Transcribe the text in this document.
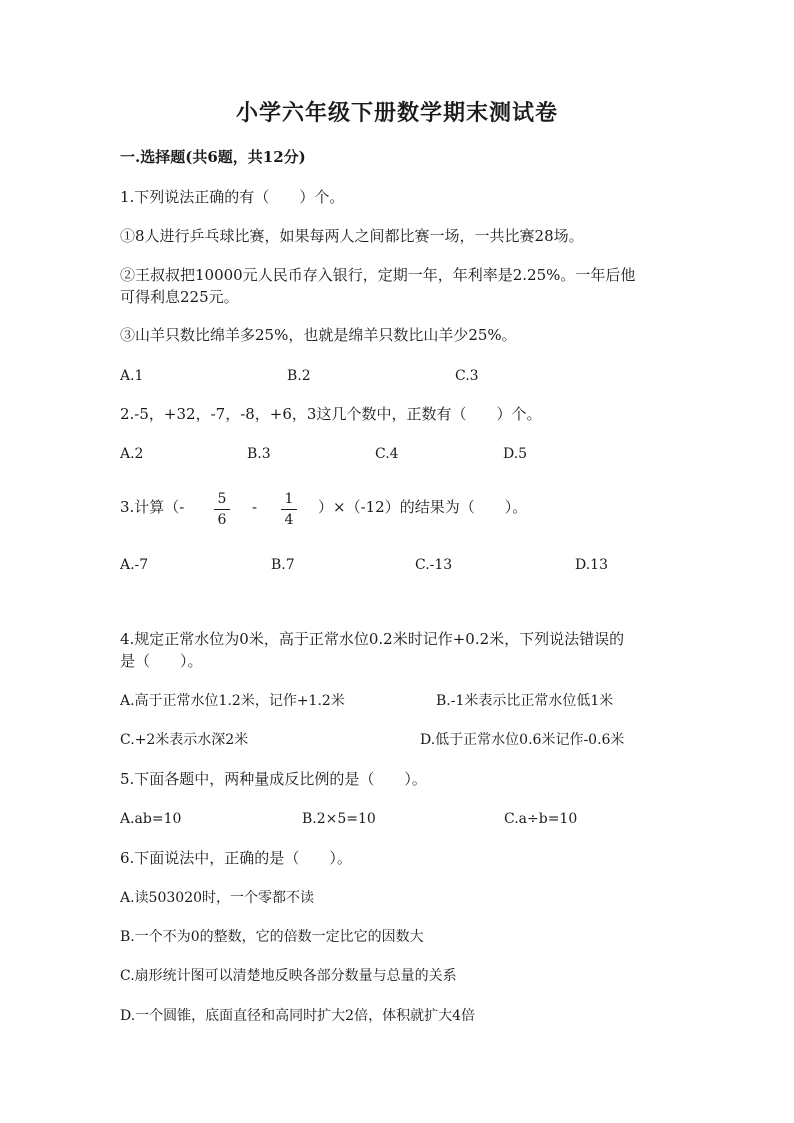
小学六年级下册数学期末测试卷
一.选择题(共6题，共12分)
1.下列说法正确的有（　　）个。
①8人进行乒乓球比赛，如果每两人之间都比赛一场，一共比赛28场。
②王叔叔把10000元人民币存入银行，定期一年，年利率是2.25%。一年后他
可得利息225元。
③山羊只数比绵羊多25%，也就是绵羊只数比山羊少25%。
A.1	B.2	C.3
2.-5，+32，-7，-8，+6，3这几个数中，正数有（　　）个。
A.2	B.3	C.4	D.5
3.计算（- 5
6
- 1
4
）×（-12）的结果为（　　）。
A.-7	B.7	C.-13	D.13
4.规定正常水位为0米，高于正常水位0.2米时记作+0.2米，下列说法错误的
是（　　）。
A.高于正常水位1.2米，记作+1.2米	B.-1米表示比正常水位低1米
C.+2米表示水深2米	D.低于正常水位0.6米记作-0.6米
5.下面各题中，两种量成反比例的是（　　）。
A.ab=10	B.2×5=10	C.a÷b=10
6.下面说法中，正确的是（　　）。
A.读503020时，一个零都不读
B.一个不为0的整数，它的倍数一定比它的因数大
C.扇形统计图可以清楚地反映各部分数量与总量的关系
D.一个圆锥，底面直径和高同时扩大2倍，体积就扩大4倍
